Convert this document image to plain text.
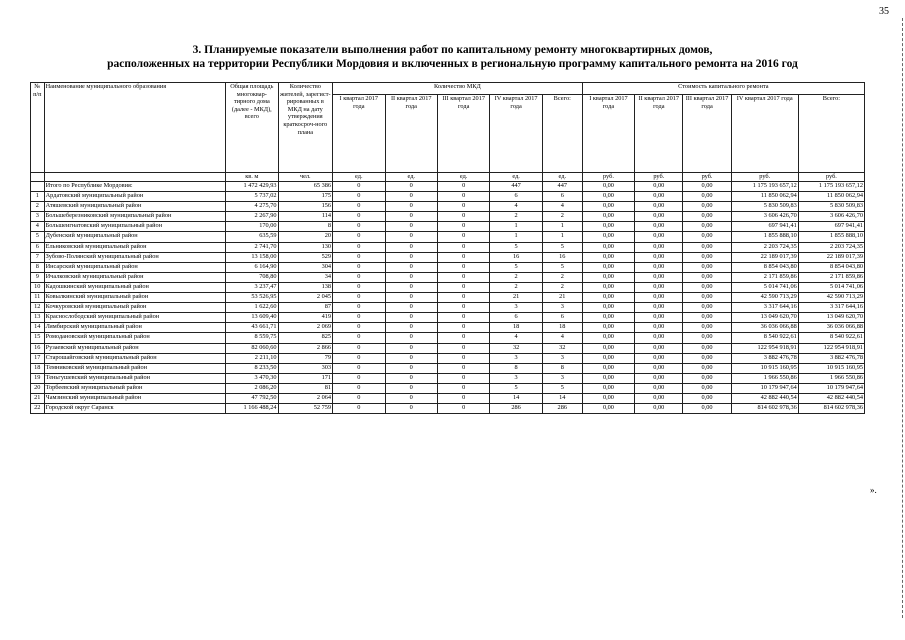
35
3. Планируемые показатели выполнения работ по капитальному ремонту многоквартирных домов,
расположенных на территории Республики Мордовия и включенных в региональную программу капитального ремонта на 2016 год
№ п/п	Наименование муниципального образования	Общая площадь многоквар-тирного дома (далее - МКД), всего	Количество жителей, зарегист-рированных в МКД на дату утверждения краткосроч-ного плана	Количество МКД					Стоимость капитального ремонта				
				I квартал 2017 года	II квартал 2017 года	III квартал 2017 года	IV квартал 2017 года	Всего:	I квартал 2017 года	II квартал 2017 года	III квартал 2017 года	IV квартал 2017 года	Всего:
		кв. м	чел.	ед.	ед.	ед.	ед.	ед.	руб.	руб.	руб.	руб.	руб.
	Итого по Республике Мордовия:	1 472 429,93	65 386	0	0	0	447	447	0,00	0,00	0,00	1 175 193 657,12	1 175 193 657,12
1	Ардатовский муниципальный район	5 737,02	175	0	0	0	6	6	0,00	0,00	0,00	11 850 062,94	11 850 062,94
2	Атяшевский муниципальный район	4 275,70	156	0	0	0	4	4	0,00	0,00	0,00	5 830 509,83	5 830 509,83
3	Большеберезниковский муниципальный район	2 267,90	114	0	0	0	2	2	0,00	0,00	0,00	3 606 426,70	3 606 426,70
4	Большеигнатовский муниципальный район	170,00	8	0	0	0	1	1	0,00	0,00	0,00	697 941,41	697 941,41
5	Дубенский муниципальный район	635,59	20	0	0	0	1	1	0,00	0,00	0,00	1 855 888,10	1 855 888,10
6	Ельниковский муниципальный район	2 741,70	130	0	0	0	5	5	0,00	0,00	0,00	2 203 724,35	2 203 724,35
7	Зубово-Полянский муниципальный район	13 158,00	529	0	0	0	16	16	0,00	0,00	0,00	22 189 017,39	22 189 017,39
8	Инсарский муниципальный район	6 164,90	304	0	0	0	5	5	0,00	0,00	0,00	8 854 043,80	8 854 043,80
9	Ичалковский муниципальный район	708,80	34	0	0	0	2	2	0,00	0,00	0,00	2 171 859,86	2 171 859,86
10	Кадошкинский муниципальный район	3 237,47	138	0	0	0	2	2	0,00	0,00	0,00	5 014 741,06	5 014 741,06
11	Ковылкинский муниципальный район	53 526,95	2 045	0	0	0	21	21	0,00	0,00	0,00	42 590 713,29	42 590 713,29
12	Кочкуровский муниципальный район	1 622,60	87	0	0	0	3	3	0,00	0,00	0,00	3 317 644,16	3 317 644,16
13	Краснослободский муниципальный район	13 609,40	419	0	0	0	6	6	0,00	0,00	0,00	13 049 620,70	13 049 620,70
14	Лямбирский муниципальный район	43 661,71	2 069	0	0	0	18	18	0,00	0,00	0,00	36 036 066,88	36 036 066,88
15	Ромодановский муниципальный район	8 559,75	825	0	0	0	4	4	0,00	0,00	0,00	8 540 922,61	8 540 922,61
16	Рузаевский муниципальный район	82 060,60	2 866	0	0	0	32	32	0,00	0,00	0,00	122 954 918,91	122 954 918,91
17	Старошайговский муниципальный район	2 211,10	79	0	0	0	3	3	0,00	0,00	0,00	3 882 476,78	3 882 476,78
18	Темниковский муниципальный район	8 233,50	303	0	0	0	8	8	0,00	0,00	0,00	10 915 160,95	10 915 160,95
19	Теньгушевский муниципальный район	3 470,30	171	0	0	0	3	3	0,00	0,00	0,00	1 966 550,86	1 966 550,86
20	Торбеевский муниципальный район	2 086,20	81	0	0	0	5	5	0,00	0,00	0,00	10 179 947,64	10 179 947,64
21	Чамзинский муниципальный район	47 792,50	2 064	0	0	0	14	14	0,00	0,00	0,00	42 882 440,54	42 882 440,54
22	Городской округ Саранск	1 166 488,24	52 759	0	0	0	286	286	0,00	0,00	0,00	814 602 978,36	814 602 978,36
».
